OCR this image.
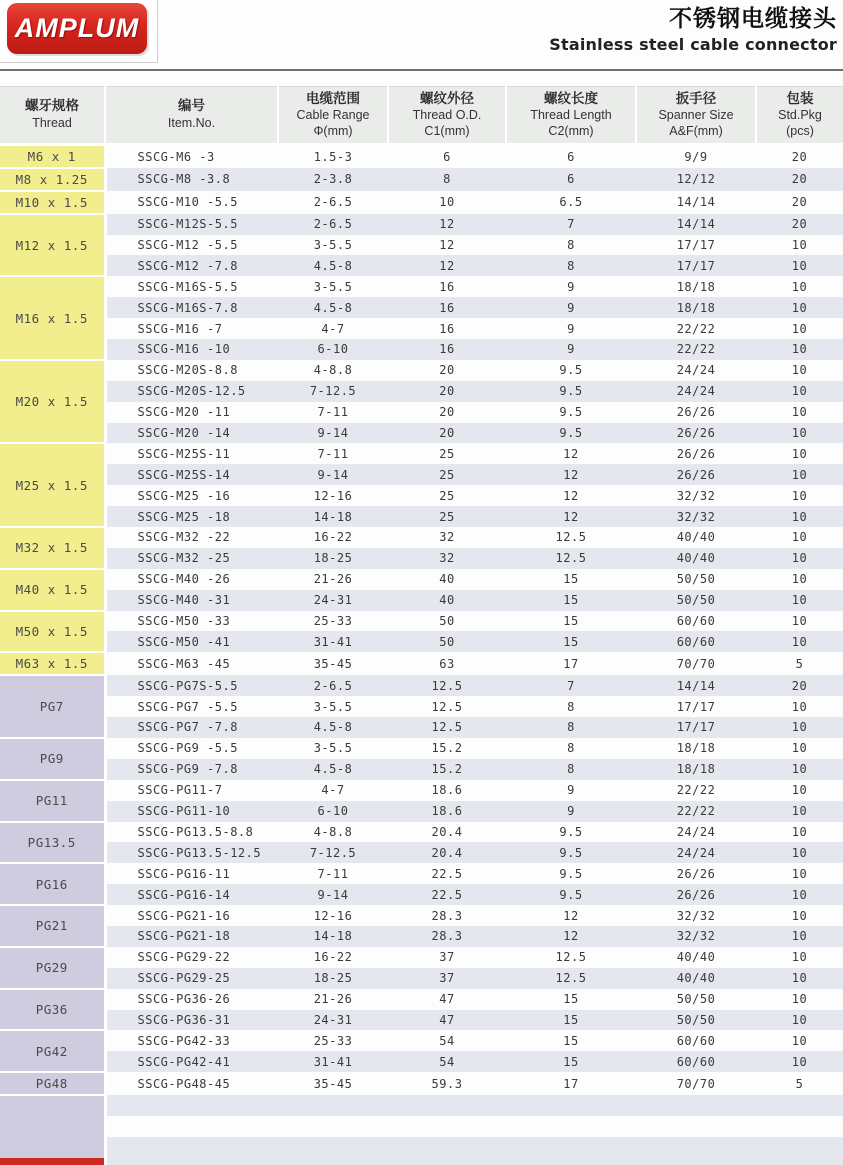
AMPLUM	不锈钢电缆接头
Stainless steel cable connector
螺牙规格
Thread

编号
Item.No.

电缆范围
Cable Range
Φ(mm)

螺纹外径
Thread O.D.
C1(mm)

螺纹长度
Thread Length
C2(mm)

扳手径
Spanner Size
A&F(mm)

包装
Std.Pkg
(pcs)

M6 x 1	SSCG-M6 -3	1.5-3	6	6	9/9	20
M8 x 1.25	SSCG-M8 -3.8	2-3.8	8	6	12/12	20
M10 x 1.5	SSCG-M10 -5.5	2-6.5	10	6.5	14/14	20
M12 x 1.5	SSCG-M12S-5.5	2-6.5	12	7	14/14	20
	SSCG-M12 -5.5	3-5.5	12	8	17/17	10
	SSCG-M12 -7.8	4.5-8	12	8	17/17	10
M16 x 1.5	SSCG-M16S-5.5	3-5.5	16	9	18/18	10
	SSCG-M16S-7.8	4.5-8	16	9	18/18	10
	SSCG-M16 -7	4-7	16	9	22/22	10
	SSCG-M16 -10	6-10	16	9	22/22	10
M20 x 1.5	SSCG-M20S-8.8	4-8.8	20	9.5	24/24	10
	SSCG-M20S-12.5	7-12.5	20	9.5	24/24	10
	SSCG-M20 -11	7-11	20	9.5	26/26	10
	SSCG-M20 -14	9-14	20	9.5	26/26	10
M25 x 1.5	SSCG-M25S-11	7-11	25	12	26/26	10
	SSCG-M25S-14	9-14	25	12	26/26	10
	SSCG-M25 -16	12-16	25	12	32/32	10
	SSCG-M25 -18	14-18	25	12	32/32	10
M32 x 1.5	SSCG-M32 -22	16-22	32	12.5	40/40	10
	SSCG-M32 -25	18-25	32	12.5	40/40	10
M40 x 1.5	SSCG-M40 -26	21-26	40	15	50/50	10
	SSCG-M40 -31	24-31	40	15	50/50	10
M50 x 1.5	SSCG-M50 -33	25-33	50	15	60/60	10
	SSCG-M50 -41	31-41	50	15	60/60	10
M63 x 1.5	SSCG-M63 -45	35-45	63	17	70/70	5
PG7	SSCG-PG7S-5.5	2-6.5	12.5	7	14/14	20
	SSCG-PG7 -5.5	3-5.5	12.5	8	17/17	10
	SSCG-PG7 -7.8	4.5-8	12.5	8	17/17	10
PG9	SSCG-PG9 -5.5	3-5.5	15.2	8	18/18	10
	SSCG-PG9 -7.8	4.5-8	15.2	8	18/18	10
PG11	SSCG-PG11-7	4-7	18.6	9	22/22	10
	SSCG-PG11-10	6-10	18.6	9	22/22	10
PG13.5	SSCG-PG13.5-8.8	4-8.8	20.4	9.5	24/24	10
	SSCG-PG13.5-12.5	7-12.5	20.4	9.5	24/24	10
PG16	SSCG-PG16-11	7-11	22.5	9.5	26/26	10
	SSCG-PG16-14	9-14	22.5	9.5	26/26	10
PG21	SSCG-PG21-16	12-16	28.3	12	32/32	10
	SSCG-PG21-18	14-18	28.3	12	32/32	10
PG29	SSCG-PG29-22	16-22	37	12.5	40/40	10
	SSCG-PG29-25	18-25	37	12.5	40/40	10
PG36	SSCG-PG36-26	21-26	47	15	50/50	10
	SSCG-PG36-31	24-31	47	15	50/50	10
PG42	SSCG-PG42-33	25-33	54	15	60/60	10
	SSCG-PG42-41	31-41	54	15	60/60	10
PG48	SSCG-PG48-45	35-45	59.3	17	70/70	5
